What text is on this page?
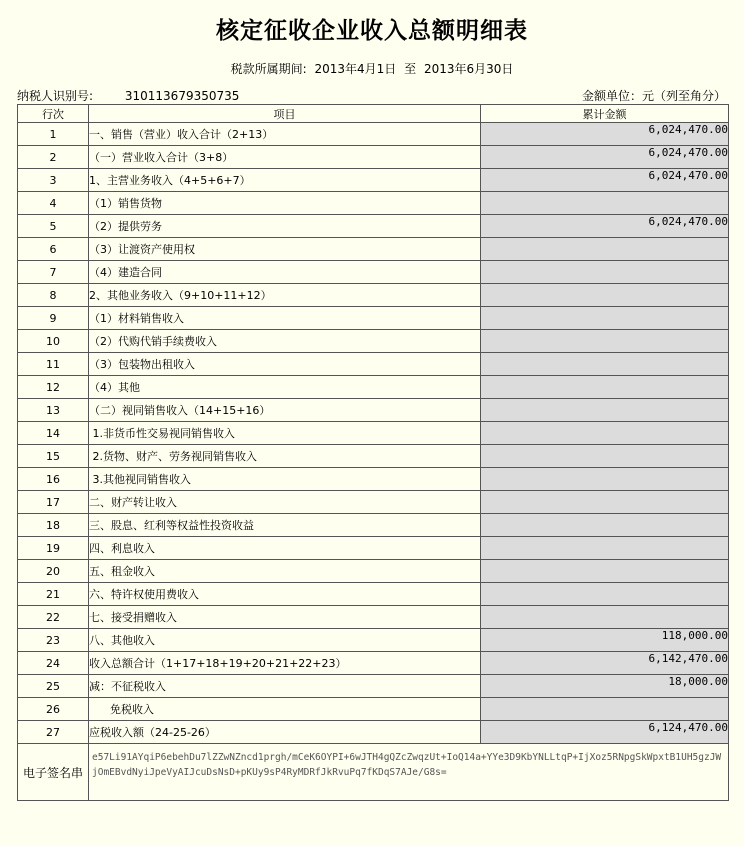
核定征收企业收入总额明细表
税款所属期间: 2013年4月1日 至 2013年6月30日
纳税人识别号:	310113679350735	金额单位：元（列至角分）
行次	项目	累计金额
1	一、销售（营业）收入合计（2+13）	6,024,470.00
2	（一）营业收入合计（3+8）	6,024,470.00
3	1、主营业务收入（4+5+6+7）	6,024,470.00
4	（1）销售货物	
5	（2）提供劳务	6,024,470.00
6	（3）让渡资产使用权	
7	（4）建造合同	
8	2、其他业务收入（9+10+11+12）	
9	（1）材料销售收入	
10	（2）代购代销手续费收入	
11	（3）包装物出租收入	
12	（4）其他	
13	（二）视同销售收入（14+15+16）	
14	1.非货币性交易视同销售收入	
15	2.货物、财产、劳务视同销售收入	
16	3.其他视同销售收入	
17	二、财产转让收入	
18	三、股息、红利等权益性投资收益	
19	四、利息收入	
20	五、租金收入	
21	六、特许权使用费收入	
22	七、接受捐赠收入	
23	八、其他收入	118,000.00
24	收入总额合计（1+17+18+19+20+21+22+23）	6,142,470.00
25	减：不征税收入	18,000.00
26	免税收入	
27	应税收入额（24-25-26）	6,124,470.00
电子签名串	e57Li91AYqiP6ebehDu7lZZwNZncd1prgh/mCeK6OYPI+6wJTH4gQZcZwqzUt+IoQ14a+YYe3D9KbYNLLtqP+IjXoz5RNpgSkWpxtB1UH5gzJWjOmEBvdNyiJpeVyAIJcuDsNsD+pKUy9sP4RyMDRfJkRvuPq7fKDqS7AJe/G8s=	
